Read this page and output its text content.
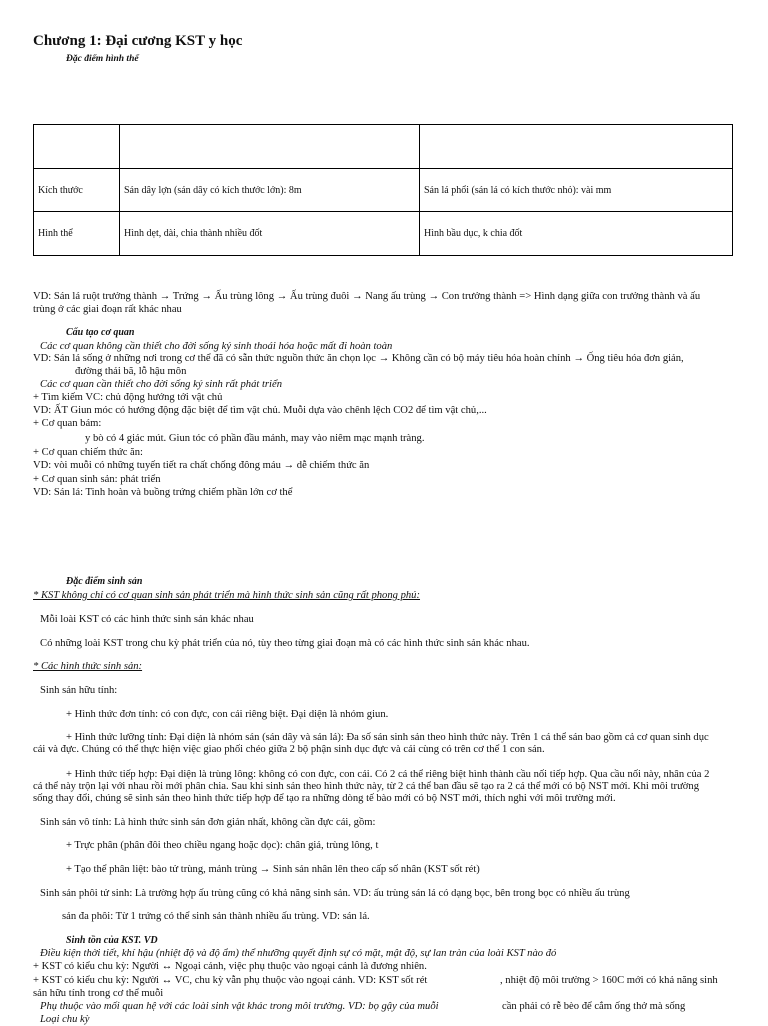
Chương 1: Đại cương KST y học
Đặc điểm hình thể

Kích thước	Sán dây lợn (sán dây có kích thước lớn): 8m	Sán lá phổi (sán lá có kích thước nhỏ): vài mm
Hình thể	Hình dẹt, dài, chia thành nhiều đốt	Hình bầu dục, k chia đốt
VD: Sán lá ruột trưởng thành → Trứng → Ấu trùng lông → Ấu trùng đuôi → Nang ấu trùng → Con trưởng thành => Hình dạng giữa con trưởng thành và ấu
trùng ở các giai đoạn rất khác nhau
Cấu tạo cơ quan
Các cơ quan không cần thiết cho đời sống ký sinh thoái hóa hoặc mất đi hoàn toàn
VD: Sán lá sống ở những nơi trong cơ thể đã có sẵn thức nguồn thức ăn chọn lọc → Không cần có bộ máy tiêu hóa hoàn chỉnh → Ống tiêu hóa đơn giản,
đường thải bã, lỗ hậu môn
Các cơ quan cần thiết cho đời sống ký sinh rất phát triển
+ Tìm kiếm VC: chủ động hướng tới vật chủ
VD: ẤT Giun móc có hướng động đặc biệt để tìm vật chủ. Muỗi dựa vào chênh lệch CO2 để tìm vật chủ,...
+ Cơ quan bám:
y bò có 4 giác mút. Giun tóc có phần đầu mảnh, may vào niêm mạc mạnh tràng.
+ Cơ quan chiếm thức ăn:
VD: vòi muỗi có những tuyến tiết ra chất chống đông máu → dễ chiếm thức ăn
+ Cơ quan sinh sản: phát triển
VD: Sán lá: Tinh hoàn và buồng trứng chiếm phần lớn cơ thể
Đặc điểm sinh sản
* KST không chỉ có cơ quan sinh sản phát triển mà hình thức sinh sản cũng rất phong phú:
Mỗi loài KST có các hình thức sinh sản khác nhau
Có những loài KST trong chu kỳ phát triển của nó, tùy theo từng giai đoạn mà có các hình thức sinh sản khác nhau.
* Các hình thức sinh sản:
Sinh sản hữu tính:
+ Hình thức đơn tính: có con đực, con cái riêng biệt. Đại diện là nhóm giun.
+ Hình thức lưỡng tính: Đại diện là nhóm sán (sán dây và sán lá): Đa số sán sinh sản theo hình thức này. Trên 1 cá thể sán bao gồm cả cơ quan sinh dục
cái và đực. Chúng có thể thực hiện việc giao phối chéo giữa 2 bộ phận sinh dục đực và cái cùng có trên cơ thể 1 con sán.
+ Hình thức tiếp hợp: Đại diện là trùng lông: không có con đực, con cái. Có 2 cá thể riêng biệt hình thành cầu nối tiếp hợp. Qua cầu nối này, nhân của 2
cá thể này trộn lại với nhau rồi mới phân chia. Sau khi sinh sản theo hình thức này, từ 2 cá thể ban đầu sẽ tạo ra 2 cá thể mới có bộ NST mới. Khi môi trường
sống thay đổi, chúng sẽ sinh sản theo hình thức tiếp hợp để tạo ra những dòng tế bào mới có bộ NST mới, thích nghi với môi trường mới.
Sinh sản vô tính: Là hình thức sinh sản đơn giản nhất, không cần đực cái, gồm:
+ Trực phân (phân đôi theo chiều ngang hoặc dọc): chân giả, trùng lông, t
+ Tạo thể phân liệt: bào tử trùng, mảnh trùng → Sinh sản nhân lên theo cấp số nhân (KST sốt rét)
Sinh sản phôi tử sinh: Là trường hợp ấu trùng cũng có khả năng sinh sản. VD: ấu trùng sán lá có dạng bọc, bên trong bọc có nhiều ấu trùng
sản đa phôi: Từ 1 trứng có thể sinh sản thành nhiều ấu trùng. VD: sán lá.
Sinh tồn của KST. VD
Điều kiện thời tiết, khí hậu (nhiệt độ và độ ẩm) thể nhưỡng quyết định sự có mặt, mật độ, sự lan tràn của loài KST nào đó
+ KST có kiểu chu kỳ: Người ↔ Ngoại cảnh, việc phụ thuộc vào ngoại cảnh là đương nhiên.
+ KST có kiểu chu kỳ: Người ↔ VC, chu kỳ vẫn phụ thuộc vào ngoại cảnh. VD: KST sốt rét	, nhiệt độ môi trường > 160C mới có khả năng sinh
sản hữu tính trong cơ thể muỗi
Phụ thuộc vào mối quan hệ với các loài sinh vật khác trong môi trường. VD: bọ gậy của muỗi	cần phải có rễ bèo để cắm ống thở mà sống
Loại chu kỳ
